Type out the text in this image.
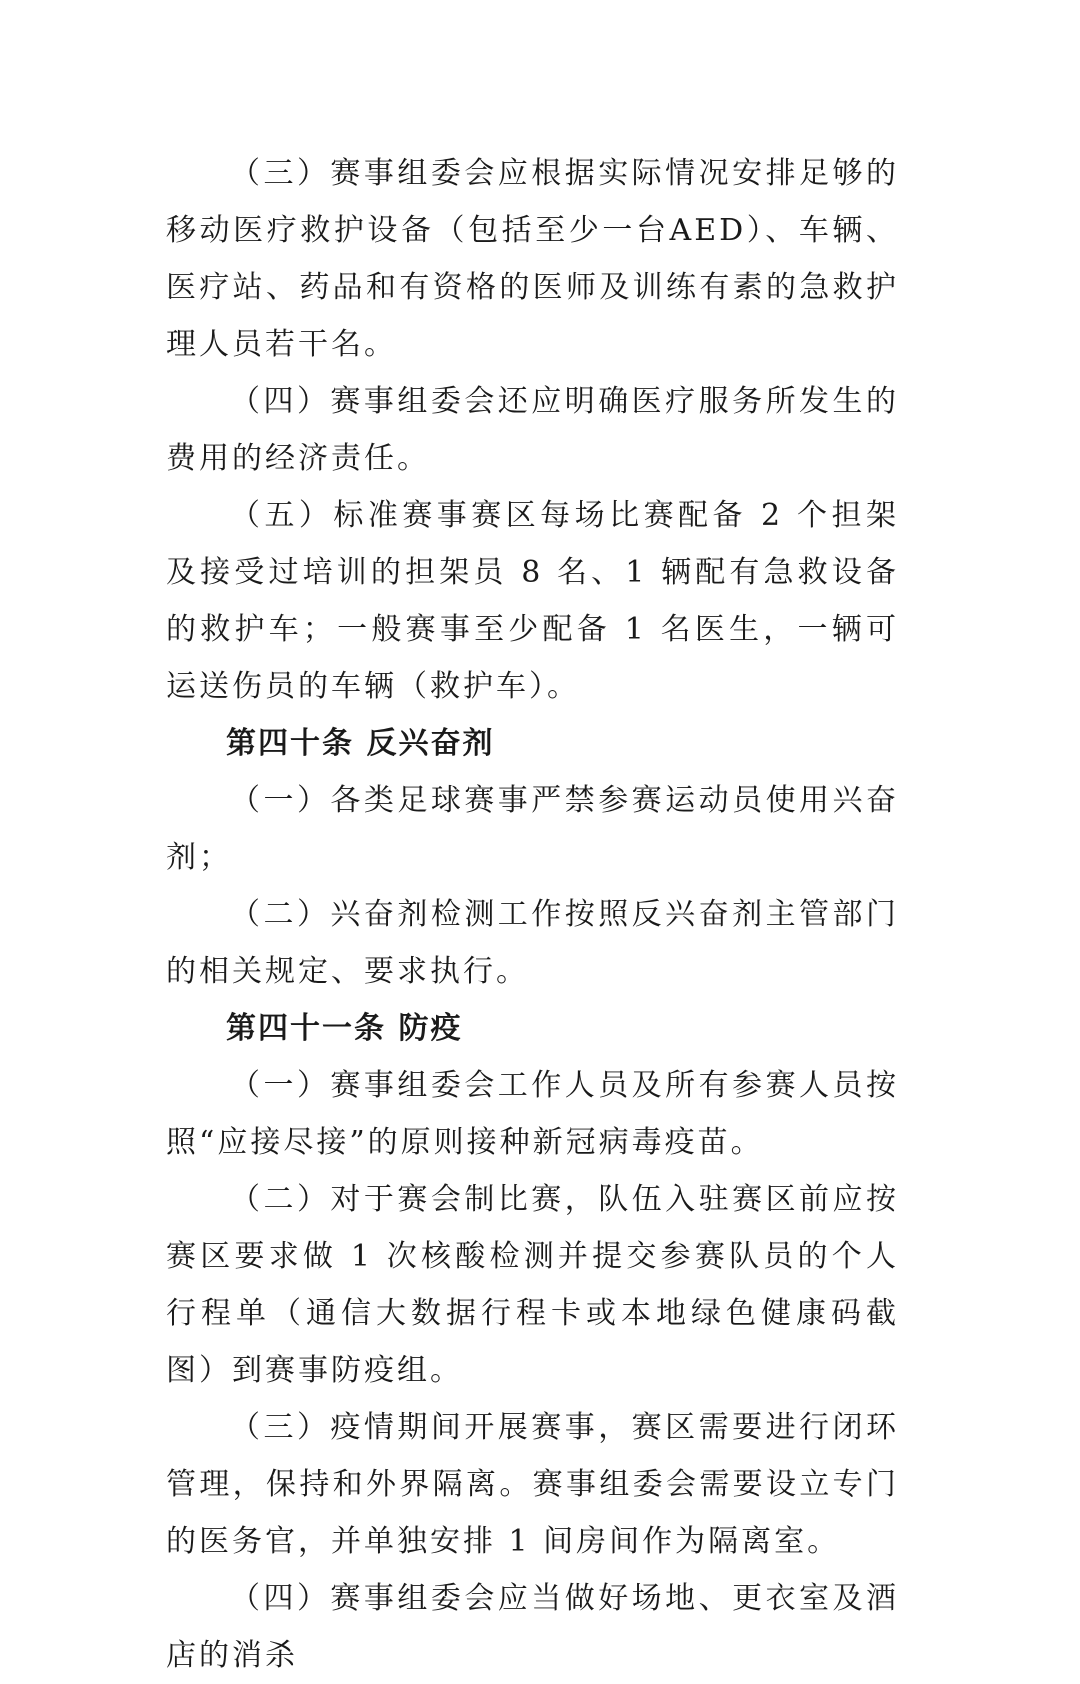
（三）赛事组委会应根据实际情况安排足够的移动医疗救护设备（包括至少一台AED）、车辆、医疗站、药品和有资格的医师及训练有素的急救护理人员若干名。

（四）赛事组委会还应明确医疗服务所发生的费用的经济责任。

（五）标准赛事赛区每场比赛配备 2 个担架及接受过培训的担架员 8 名、1 辆配有急救设备的救护车；一般赛事至少配备 1 名医生，一辆可运送伤员的车辆（救护车）。

第四十条 反兴奋剂

（一）各类足球赛事严禁参赛运动员使用兴奋剂；

（二）兴奋剂检测工作按照反兴奋剂主管部门的相关规定、要求执行。

第四十一条 防疫

（一）赛事组委会工作人员及所有参赛人员按照“应接尽接”的原则接种新冠病毒疫苗。

（二）对于赛会制比赛，队伍入驻赛区前应按赛区要求做 1 次核酸检测并提交参赛队员的个人行程单（通信大数据行程卡或本地绿色健康码截图）到赛事防疫组。

（三）疫情期间开展赛事，赛区需要进行闭环管理，保持和外界隔离。赛事组委会需要设立专门的医务官，并单独安排 1 间房间作为隔离室。

（四）赛事组委会应当做好场地、更衣室及酒店的消杀
